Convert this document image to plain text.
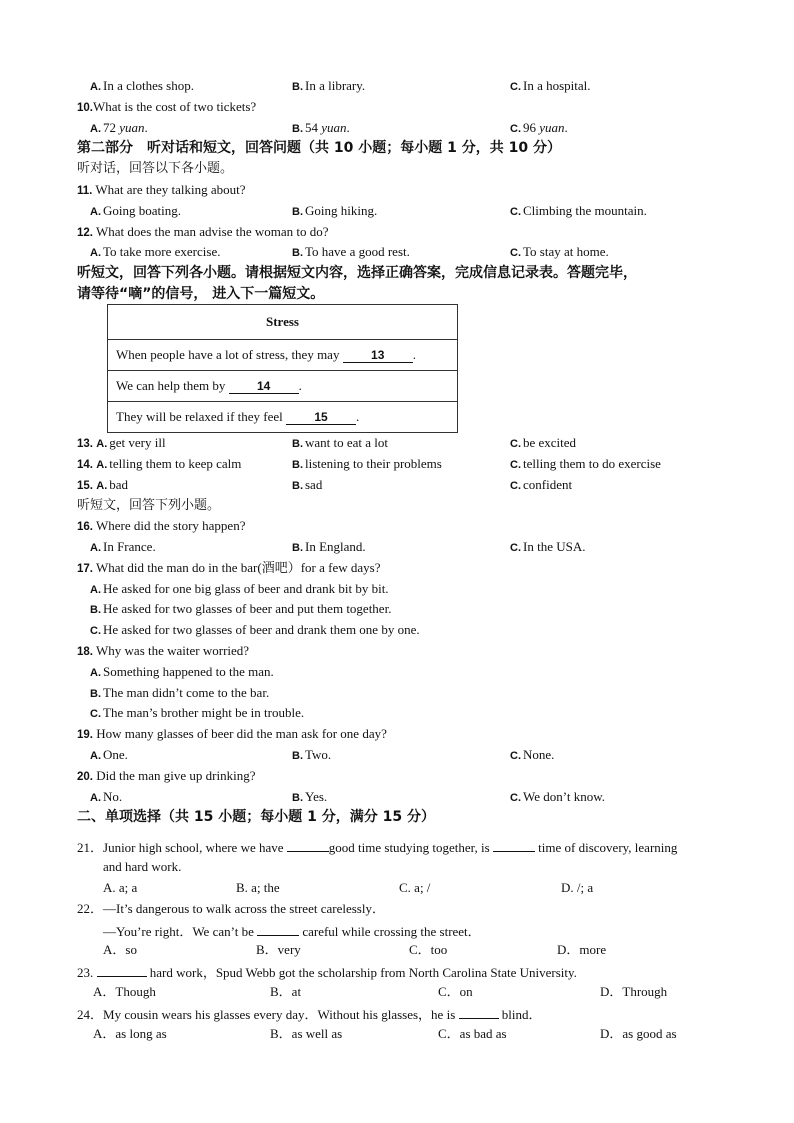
A. In a clothes shop.	B. In a library.	C. In a hospital.
10.What is the cost of two tickets?
A. 72 yuan.	B. 54 yuan.	C. 96 yuan.
第二部分　听对话和短文，回答问题（共 10 小题；每小题 1 分，共 10 分）
听对话，回答以下各小题。
11. What are they talking about?
A. Going boating.	B. Going hiking.	C. Climbing the mountain.
12. What does the man advise the woman to do?
A. To take more exercise.	B. To have a good rest.	C. To stay at home.
听短文，回答下列各小题。请根据短文内容，选择正确答案，完成信息记录表。答题完毕，
请等待“嘀”的信号， 进入下一篇短文。
Stress
When people have a lot of stress, they may	13 .
We can help them by	14 .
They will be relaxed if they feel	15 .
13. A. get very ill	B. want to eat a lot	C. be excited
14. A. telling them to keep calm	B. listening to their problems	C. telling them to do exercise
15. A. bad	B. sad	C. confident
听短文，回答下列小题。
16. Where did the story happen?
A. In France.	B. In England.	C. In the USA.
17. What did the man do in the bar(酒吧）for a few days?
A. He asked for one big glass of beer and drank bit by bit.
B. He asked for two glasses of beer and put them together.
C. He asked for two glasses of beer and drank them one by one.
18. Why was the waiter worried?
A. Something happened to the man.
B. The man didn’t come to the bar.
C. The man’s brother might be in trouble.
19. How many glasses of beer did the man ask for one day?
A. One.	B. Two.	C. None.
20. Did the man give up drinking?
A. No.	B. Yes.	C. We don’t know.
二、单项选择（共 15 小题；每小题 1 分，满分 15 分）
21．Junior high school, where we have	good time studying together, is	time of discovery, learning
and hard work.
A. a; a	B. a; the	C. a; /	D. /; a
22．—It’s dangerous to walk across the street carelessly．
—You’re right．We can’t be	careful while crossing the street．
A．so	B．very	C．too	D．more
23.	hard work，Spud Webb got the scholarship from North Carolina State University.
A．Though	B．at	C．on	D．Through
24．My cousin wears his glasses every day．Without his glasses，he is	blind．
A．as long as	B．as well as	C．as bad as	D．as good as
